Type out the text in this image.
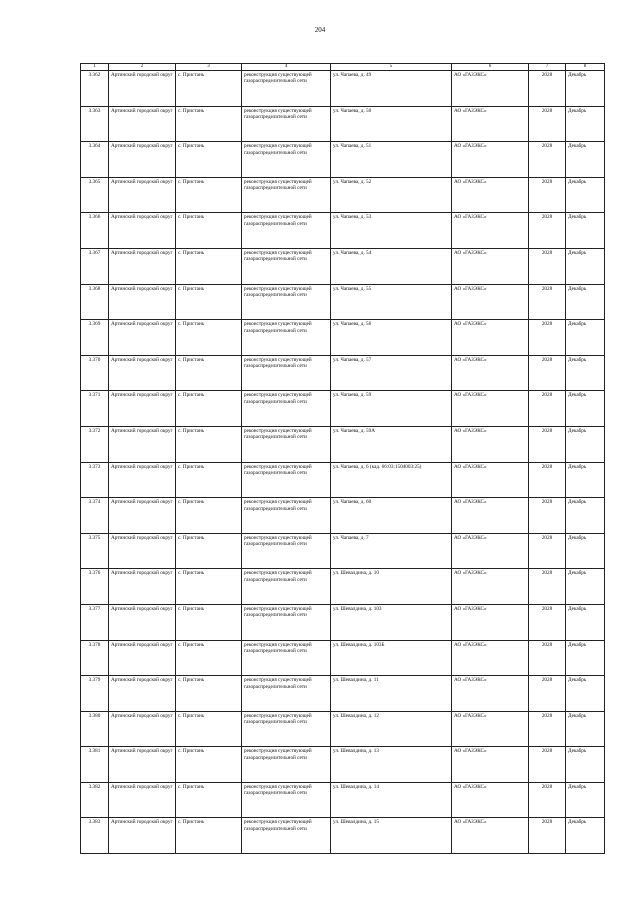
204
1	2	3	4	5	6	7	8
3.362	Артинский городской округ	с. Пристань	реконструкция существующей газораспределительной сети	ул. Чапаева, д. 49	АО «ГАЗЭКС»	2028	Декабрь
3.363	Артинский городской округ	с. Пристань	реконструкция существующей газораспределительной сети	ул. Чапаева, д. 50	АО «ГАЗЭКС»	2028	Декабрь
3.364	Артинский городской округ	с. Пристань	реконструкция существующей газораспределительной сети	ул. Чапаева, д. 51	АО «ГАЗЭКС»	2028	Декабрь
3.365	Артинский городской округ	с. Пристань	реконструкция существующей газораспределительной сети	ул. Чапаева, д. 52	АО «ГАЗЭКС»	2028	Декабрь
3.366	Артинский городской округ	с. Пристань	реконструкция существующей газораспределительной сети	ул. Чапаева, д. 53	АО «ГАЗЭКС»	2028	Декабрь
3.367	Артинский городской округ	с. Пристань	реконструкция существующей газораспределительной сети	ул. Чапаева, д. 54	АО «ГАЗЭКС»	2028	Декабрь
3.368	Артинский городской округ	с. Пристань	реконструкция существующей газораспределительной сети	ул. Чапаева, д. 55	АО «ГАЗЭКС»	2028	Декабрь
3.369	Артинский городской округ	с. Пристань	реконструкция существующей газораспределительной сети	ул. Чапаева, д. 56	АО «ГАЗЭКС»	2028	Декабрь
3.370	Артинский городской округ	с. Пристань	реконструкция существующей газораспределительной сети	ул. Чапаева, д. 57	АО «ГАЗЭКС»	2028	Декабрь
3.371	Артинский городской округ	с. Пристань	реконструкция существующей газораспределительной сети	ул. Чапаева, д. 59	АО «ГАЗЭКС»	2028	Декабрь
3.372	Артинский городской округ	с. Пристань	реконструкция существующей газораспределительной сети	ул. Чапаева, д. 59А	АО «ГАЗЭКС»	2028	Декабрь
3.373	Артинский городской округ	с. Пристань	реконструкция существующей газораспределительной сети	ул. Чапаева, д. 6 (кад. 66:03:1504003:25)	АО «ГАЗЭКС»	2028	Декабрь
3.374	Артинский городской округ	с. Пристань	реконструкция существующей газораспределительной сети	ул. Чапаева, д. 60	АО «ГАЗЭКС»	2028	Декабрь
3.375	Артинский городской округ	с. Пристань	реконструкция существующей газораспределительной сети	ул. Чапаева, д. 7	АО «ГАЗЭКС»	2028	Декабрь
3.376	Артинский городской округ	с. Пристань	реконструкция существующей газораспределительной сети	ул. Шевалдина, д. 10	АО «ГАЗЭКС»	2028	Декабрь
3.377	Артинский городской округ	с. Пристань	реконструкция существующей газораспределительной сети	ул. Шевалдина, д. 103	АО «ГАЗЭКС»	2028	Декабрь
3.378	Артинский городской округ	с. Пристань	реконструкция существующей газораспределительной сети	ул. Шевалдина, д. 103Б	АО «ГАЗЭКС»	2028	Декабрь
3.379	Артинский городской округ	с. Пристань	реконструкция существующей газораспределительной сети	ул. Шевалдина, д. 11	АО «ГАЗЭКС»	2028	Декабрь
3.380	Артинский городской округ	с. Пристань	реконструкция существующей газораспределительной сети	ул. Шевалдина, д. 12	АО «ГАЗЭКС»	2028	Декабрь
3.381	Артинский городской округ	с. Пристань	реконструкция существующей газораспределительной сети	ул. Шевалдина, д. 13	АО «ГАЗЭКС»	2028	Декабрь
3.382	Артинский городской округ	с. Пристань	реконструкция существующей газораспределительной сети	ул. Шевалдина, д. 14	АО «ГАЗЭКС»	2028	Декабрь
3.383	Артинский городской округ	с. Пристань	реконструкция существующей газораспределительной сети	ул. Шевалдина, д. 15	АО «ГАЗЭКС»	2028	Декабрь
